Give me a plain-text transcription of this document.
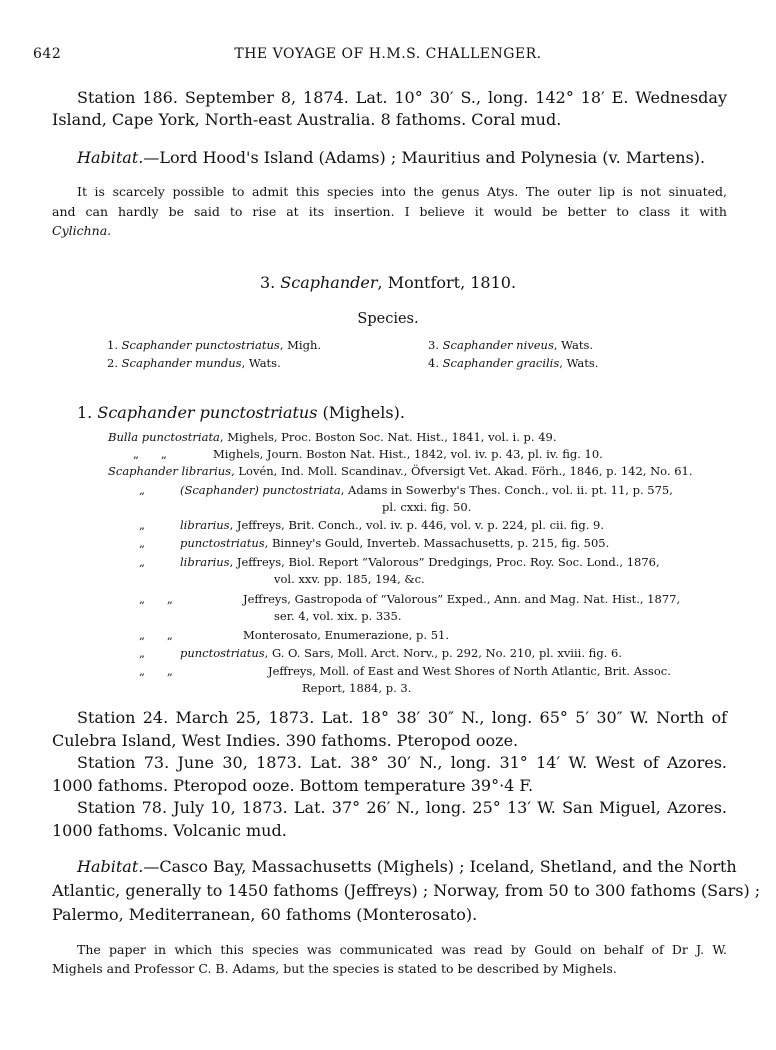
642	THE VOYAGE OF H.M.S. CHALLENGER.
Station 186. September 8, 1874. Lat. 10° 30′ S., long. 142° 18′ E. Wednesday
Island, Cape York, North-east Australia. 8 fathoms. Coral mud.
Habitat.—Lord Hood's Island (Adams) ; Mauritius and Polynesia (v. Martens).
It is scarcely possible to admit this species into the genus Atys. The outer lip is not sinuated,
and can hardly be said to rise at its insertion. I believe it would be better to class it with
Cylichna.
3. Scaphander, Montfort, 1810.
Species.
1. Scaphander punctostriatus, Migh.
2. Scaphander mundus, Wats.
3. Scaphander niveus, Wats.
4. Scaphander gracilis, Wats.
1. Scaphander punctostriatus (Mighels).
Bulla punctostriata, Mighels, Proc. Boston Soc. Nat. Hist., 1841, vol. i. p. 49.
„      „	Mighels, Journ. Boston Nat. Hist., 1842, vol. iv. p. 43, pl. iv. fig. 10.
Scaphander librarius, Lovén, Ind. Moll. Scandinav., Öfversigt Vet. Akad. Förh., 1846, p. 142, No. 61.
„	(Scaphander) punctostriata, Adams in Sowerby's Thes. Conch., vol. ii. pt. 11, p. 575,
pl. cxxi. fig. 50.
„	librarius, Jeffreys, Brit. Conch., vol. iv. p. 446, vol. v. p. 224, pl. cii. fig. 9.
„	punctostriatus, Binney's Gould, Inverteb. Massachusetts, p. 215, fig. 505.
„	librarius, Jeffreys, Biol. Report “Valorous” Dredgings, Proc. Roy. Soc. Lond., 1876,
vol. xxv. pp. 185, 194, &c.
„      „	Jeffreys, Gastropoda of “Valorous” Exped., Ann. and Mag. Nat. Hist., 1877,
ser. 4, vol. xix. p. 335.
„      „	Monterosato, Enumerazione, p. 51.
„	punctostriatus, G. O. Sars, Moll. Arct. Norv., p. 292, No. 210, pl. xviii. fig. 6.
„      „	Jeffreys, Moll. of East and West Shores of North Atlantic, Brit. Assoc.
Report, 1884, p. 3.
Station 24. March 25, 1873. Lat. 18° 38′ 30″ N., long. 65° 5′ 30″ W. North of
Culebra Island, West Indies. 390 fathoms. Pteropod ooze.
Station 73. June 30, 1873. Lat. 38° 30′ N., long. 31° 14′ W. West of Azores.
1000 fathoms. Pteropod ooze. Bottom temperature 39°·4 F.
Station 78. July 10, 1873. Lat. 37° 26′ N., long. 25° 13′ W. San Miguel, Azores.
1000 fathoms. Volcanic mud.
Habitat.—Casco Bay, Massachusetts (Mighels) ; Iceland, Shetland, and the North
Atlantic, generally to 1450 fathoms (Jeffreys) ; Norway, from 50 to 300 fathoms (Sars) ;
Palermo, Mediterranean, 60 fathoms (Monterosato).
The paper in which this species was communicated was read by Gould on behalf of Dr J. W.
Mighels and Professor C. B. Adams, but the species is stated to be described by Mighels.
